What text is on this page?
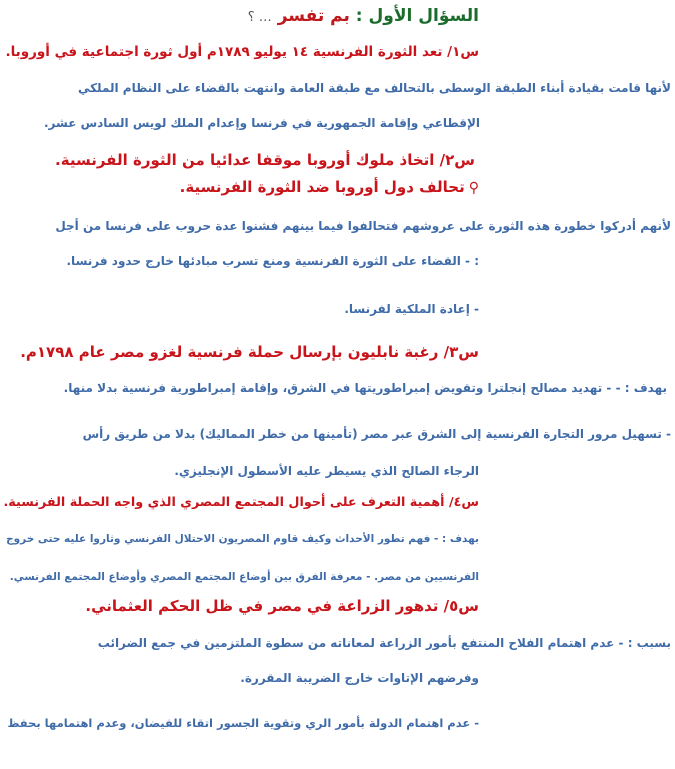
السؤال الأول : بم تفسر … ؟
س١/ تعد الثورة الفرنسية ١٤ يوليو ١٧٨٩م أول ثورة اجتماعية في أوروبا.
لأنها قامت بقيادة أبناء الطبقة الوسطى بالتحالف مع طبقة العامة وانتهت بالقضاء على النظام الملكي
الإقطاعي وإقامة الجمهورية في فرنسا وإعدام الملك لويس السادس عشر.
س٢/ اتخاذ ملوك أوروبا موقفا عدائيا من الثورة الفرنسية.
⚲تحالف دول أوروبا ضد الثورة الفرنسية.
لأنهم أدركوا خطورة هذه الثورة على عروشهم فتحالفوا فيما بينهم فشنوا عدة حروب على فرنسا من أجل
: - القضاء على الثورة الفرنسية ومنع تسرب مبادئها خارج حدود فرنسا.
- إعادة الملكية لفرنسا.
س٣/ رغبة نابليون بإرسال حملة فرنسية لغزو مصر عام ١٧٩٨م.
بهدف : - - تهديد مصالح إنجلترا وتقويض إمبراطوريتها في الشرق، وإقامة إمبراطورية فرنسية بدلا منها.
- تسهيل مرور التجارة الفرنسية إلى الشرق عبر مصر (تأمينها من خطر المماليك) بدلا من طريق رأس
الرجاء الصالح الذي يسيطر عليه الأسطول الإنجليزي.
س٤/ أهمية التعرف على أحوال المجتمع المصري الذي واجه الحملة الفرنسية.
بهدف : - فهم تطور الأحداث وكيف قاوم المصريون الاحتلال الفرنسي وثاروا عليه حتى خروج
الفرنسيين من مصر. - معرفة الفرق بين أوضاع المجتمع المصري وأوضاع المجتمع الفرنسي.
س٥/ تدهور الزراعة في مصر في ظل الحكم العثماني.
بسبب : - عدم اهتمام الفلاح المنتفع بأمور الزراعة لمعاناته من سطوة الملتزمين في جمع الضرائب
وفرضهم الإتاوات خارج الضريبة المقررة.
- عدم اهتمام الدولة بأمور الري وتقوية الجسور اتقاء للفيضان، وعدم اهتمامها بحفظ
